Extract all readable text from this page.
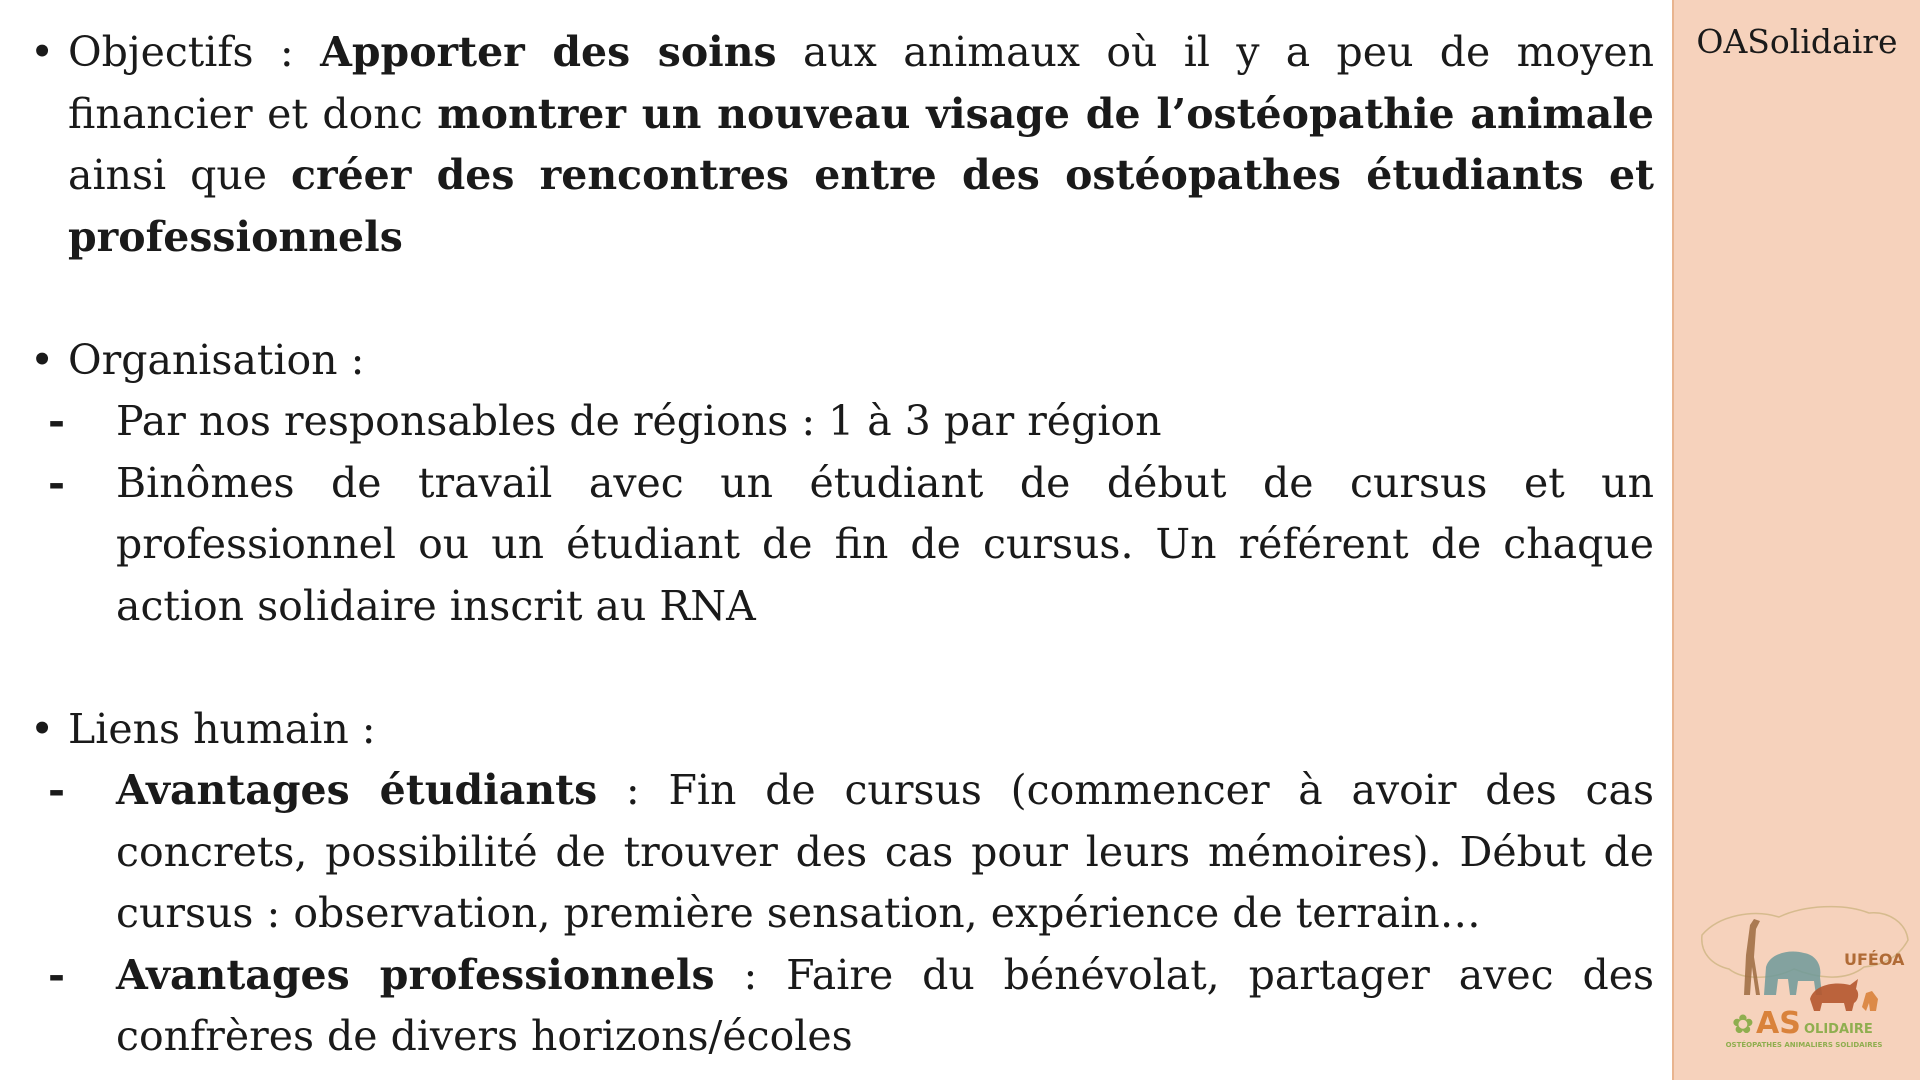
• Objectifs : Apporter des soins aux animaux où il y a peu de moyen financier et donc montrer un nouveau visage de l’ostéopathie animale ainsi que créer des rencontres entre des ostéopathes étudiants et professionnels
• Organisation :
- Par nos responsables de régions : 1 à 3 par région
- Binômes de travail avec un étudiant de début de cursus et un professionnel ou un étudiant de fin de cursus. Un référent de chaque action solidaire inscrit au RNA
• Liens humain :
- Avantages étudiants : Fin de cursus (commencer à avoir des cas concrets, possibilité de trouver des cas pour leurs mémoires). Début de cursus : observation, première sensation, expérience de terrain…
- Avantages professionnels : Faire du bénévolat, partager avec des confrères de divers horizons/écoles
OASolidaire
UFÉOA
AS OLIDAIRE
✿
OSTÉOPATHES ANIMALIERS SOLIDAIRES
